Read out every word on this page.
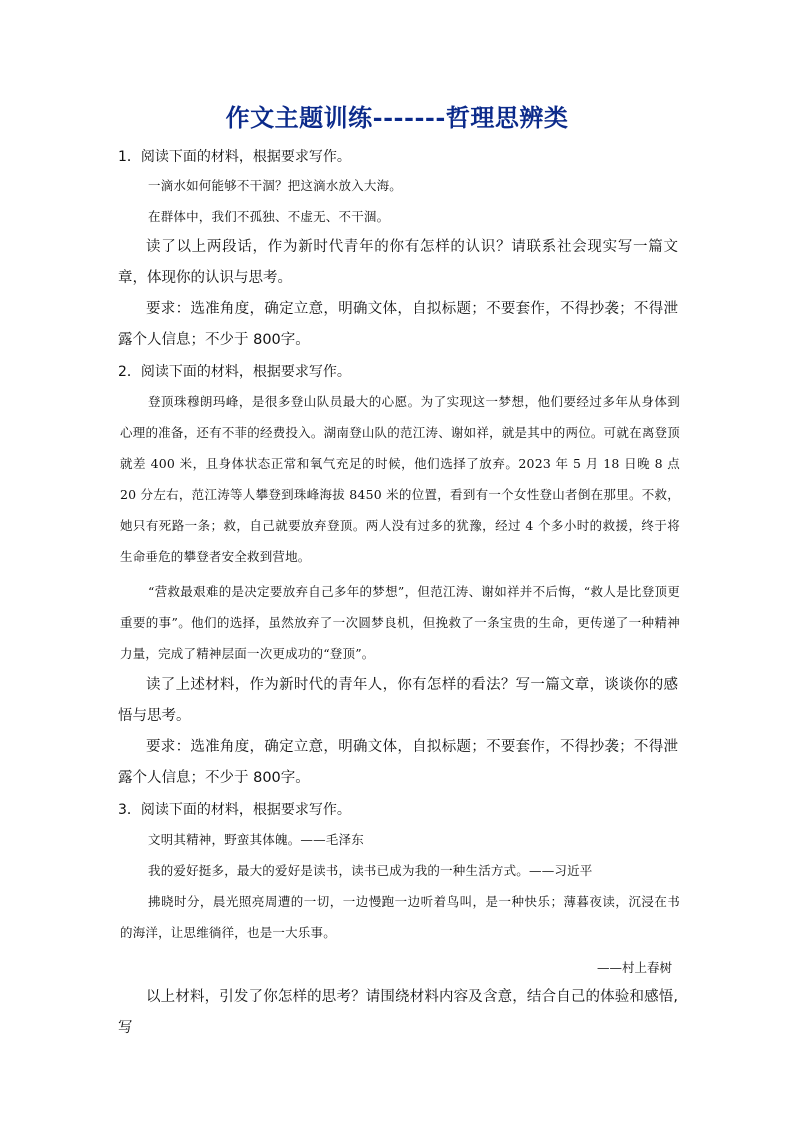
作文主题训练-------哲理思辨类

1．阅读下面的材料，根据要求写作。

一滴水如何能够不干涸？把这滴水放入大海。

在群体中，我们不孤独、不虚无、不干涸。

读了以上两段话，作为新时代青年的你有怎样的认识？请联系社会现实写一篇文章，体现你的认识与思考。

要求：选准角度，确定立意，明确文体，自拟标题；不要套作，不得抄袭；不得泄露个人信息；不少于 800字。

2．阅读下面的材料，根据要求写作。

登顶珠穆朗玛峰，是很多登山队员最大的心愿。为了实现这一梦想，他们要经过多年从身体到心理的准备，还有不菲的经费投入。湖南登山队的范江涛、谢如祥，就是其中的两位。可就在离登顶就差 400 米，且身体状态正常和氧气充足的时候，他们选择了放弃。2023 年 5 月 18 日晚 8 点 20 分左右，范江涛等人攀登到珠峰海拔 8450 米的位置，看到有一个女性登山者倒在那里。不救，她只有死路一条；救，自己就要放弃登顶。两人没有过多的犹豫，经过 4 个多小时的救援，终于将生命垂危的攀登者安全救到营地。

“营救最艰难的是决定要放弃自己多年的梦想”，但范江涛、谢如祥并不后悔，“救人是比登顶更重要的事”。他们的选择，虽然放弃了一次圆梦良机，但挽救了一条宝贵的生命，更传递了一种精神力量，完成了精神层面一次更成功的“登顶”。

读了上述材料，作为新时代的青年人，你有怎样的看法？写一篇文章，谈谈你的感悟与思考。

要求：选准角度，确定立意，明确文体，自拟标题；不要套作，不得抄袭；不得泄露个人信息；不少于 800字。

3．阅读下面的材料，根据要求写作。

文明其精神，野蛮其体魄。——毛泽东

我的爱好挺多，最大的爱好是读书，读书已成为我的一种生活方式。——习近平

拂晓时分，晨光照亮周遭的一切，一边慢跑一边听着鸟叫，是一种快乐；薄暮夜读，沉浸在书的海洋，让思维徜徉，也是一大乐事。

——村上春树

以上材料，引发了你怎样的思考？请围绕材料内容及含意，结合自己的体验和感悟,写
